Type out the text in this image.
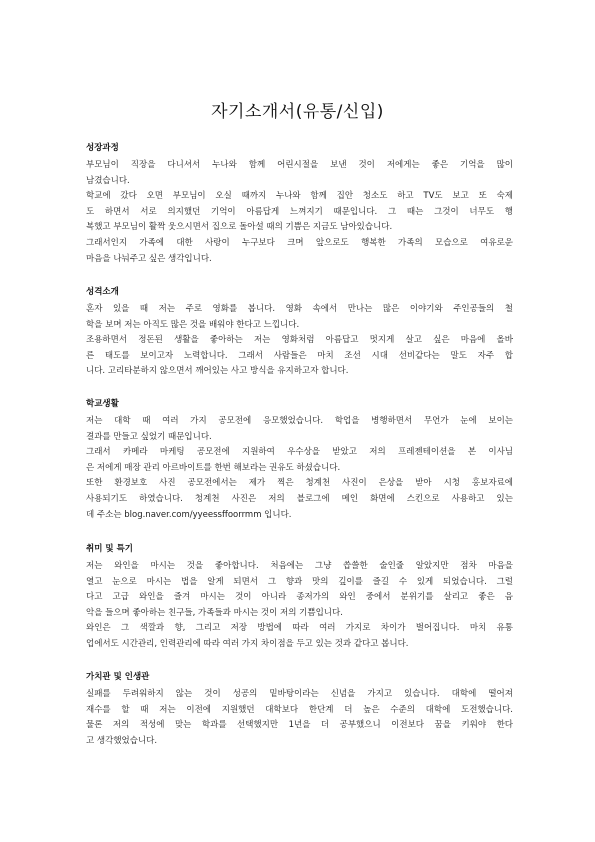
자기소개서(유통/신입)
성장과정
부모님이 직장을 다니셔서 누나와 함께 어린시절을 보낸 것이 저에게는 좋은 기억을 많이
남겼습니다.
학교에 갔다 오면 부모님이 오실 때까지 누나와 함께 집안 청소도 하고 TV도 보고 또 숙제
도 하면서 서로 의지했던 기억이 아름답게 느껴지기 때문입니다. 그 때는 그것이 너무도 행
복했고 부모님이 활짝 웃으시면서 집으로 돌아설 때의 기쁨은 지금도 남아있습니다.
그래서인지 가족에 대한 사랑이 누구보다 크며 앞으로도 행복한 가족의 모습으로 여유로운
마음을 나눠주고 싶은 생각입니다.
성격소개
혼자 있을 때 저는 주로 영화를 봅니다. 영화 속에서 만나는 많은 이야기와 주인공들의 철
학을 보며 저는 아직도 많은 것을 배워야 한다고 느낍니다.
조용하면서 정돈된 생활을 좋아하는 저는 영화처럼 아름답고 멋지게 살고 싶은 마음에 올바
른 태도를 보이고자 노력합니다. 그래서 사람들은 마치 조선 시대 선비같다는 말도 자주 합
니다. 고리타분하지 않으면서 깨어있는 사고 방식을 유지하고자 합니다.
학교생활
저는 대학 때 여러 가지 공모전에 응모했었습니다. 학업을 병행하면서 무언가 눈에 보이는
결과를 만들고 싶었기 때문입니다.
그래서 카메라 마케팅 공모전에 지원하여 우수상을 받았고 저의 프레젠테이션을 본 이사님
은 저에게 매장 관리 아르바이트를 한번 해보라는 권유도 하셨습니다.
또한 환경보호 사진 공모전에서는 제가 찍은 청계천 사진이 은상을 받아 시청 홍보자료에
사용되기도 하였습니다. 청계천 사진은 저의 블로그에 메인 화면에 스킨으로 사용하고 있는
데 주소는 blog.naver.com/yyeessffoorrmm 입니다.
취미 및 특기
저는 와인을 마시는 것을 좋아합니다. 처음에는 그냥 씁쓸한 술인줄 알았지만 점차 마음을
열고 눈으로 마시는 법을 알게 되면서 그 향과 맛의 깊이를 즐길 수 있게 되었습니다. 그럴
다고 고급 와인을 즐겨 마시는 것이 아니라 종저가의 와인 중에서 분위기를 살리고 좋은 음
악을 들으며 좋아하는 친구들, 가족들과 마시는 것이 저의 기쁨입니다.
와인은 그 색깔과 향, 그리고 저장 방법에 따라 여러 가지로 차이가 벌어집니다. 마치 유통
업에서도 시간관리, 인력관리에 따라 여러 가지 차이점을 두고 있는 것과 같다고 봅니다.
가치관 및 인생관
실패를 두려워하지 않는 것이 성공의 밑바탕이라는 신념을 가지고 있습니다. 대학에 떨어져
재수를 할 때 저는 이전에 지원했던 대학보다 한단계 더 높은 수준의 대학에 도전했습니다.
물론 저의 적성에 맞는 학과를 선택했지만 1년을 더 공부했으니 이전보다 꿈을 키워야 한다
고 생각했었습니다.
